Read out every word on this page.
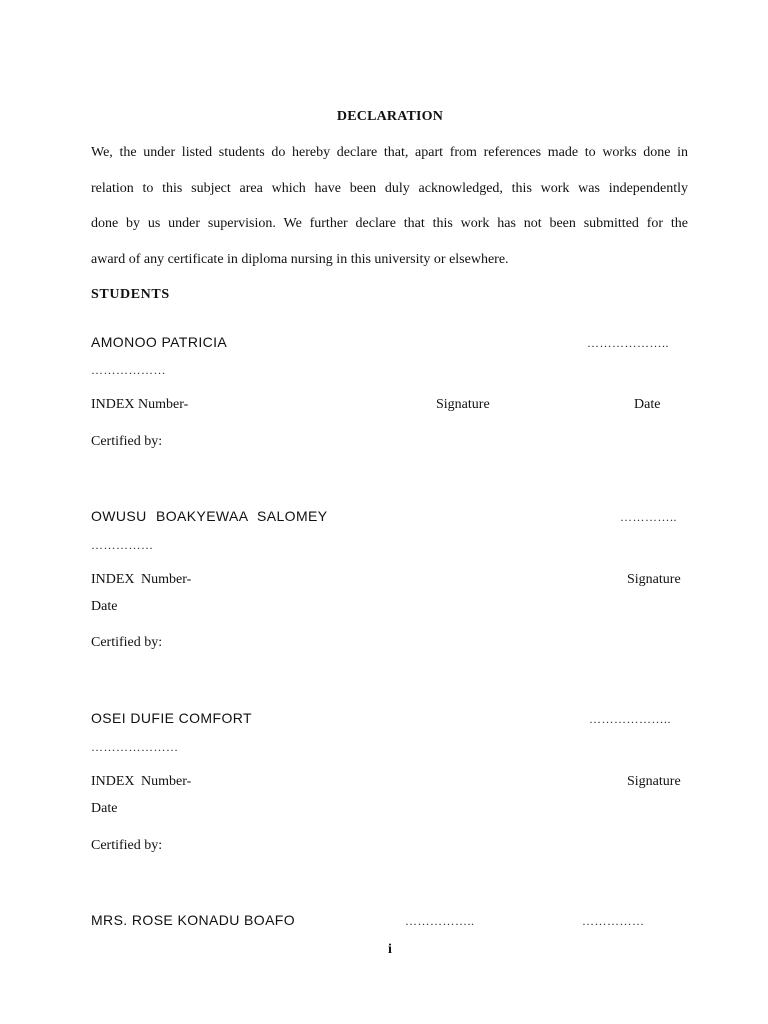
DECLARATION
We, the under listed students do hereby declare that, apart from references made to works done in
relation to this subject area which have been duly acknowledged, this work was independently
done by us under supervision. We further declare that this work has not been submitted for the
award of any certificate in diploma nursing in this university or elsewhere.
STUDENTS
AMONOO PATRICIA	………………..
………………
INDEX Number-	Signature	Date
Certified by:
OWUSU BOAKYEWAA SALOMEY	…………..
……………
INDEX Number-	Signature
Date
Certified by:
OSEI DUFIE COMFORT	………………..
…………………
INDEX Number-	Signature
Date
Certified by:
MRS. ROSE KONADU BOAFO	……………..	……………
i
